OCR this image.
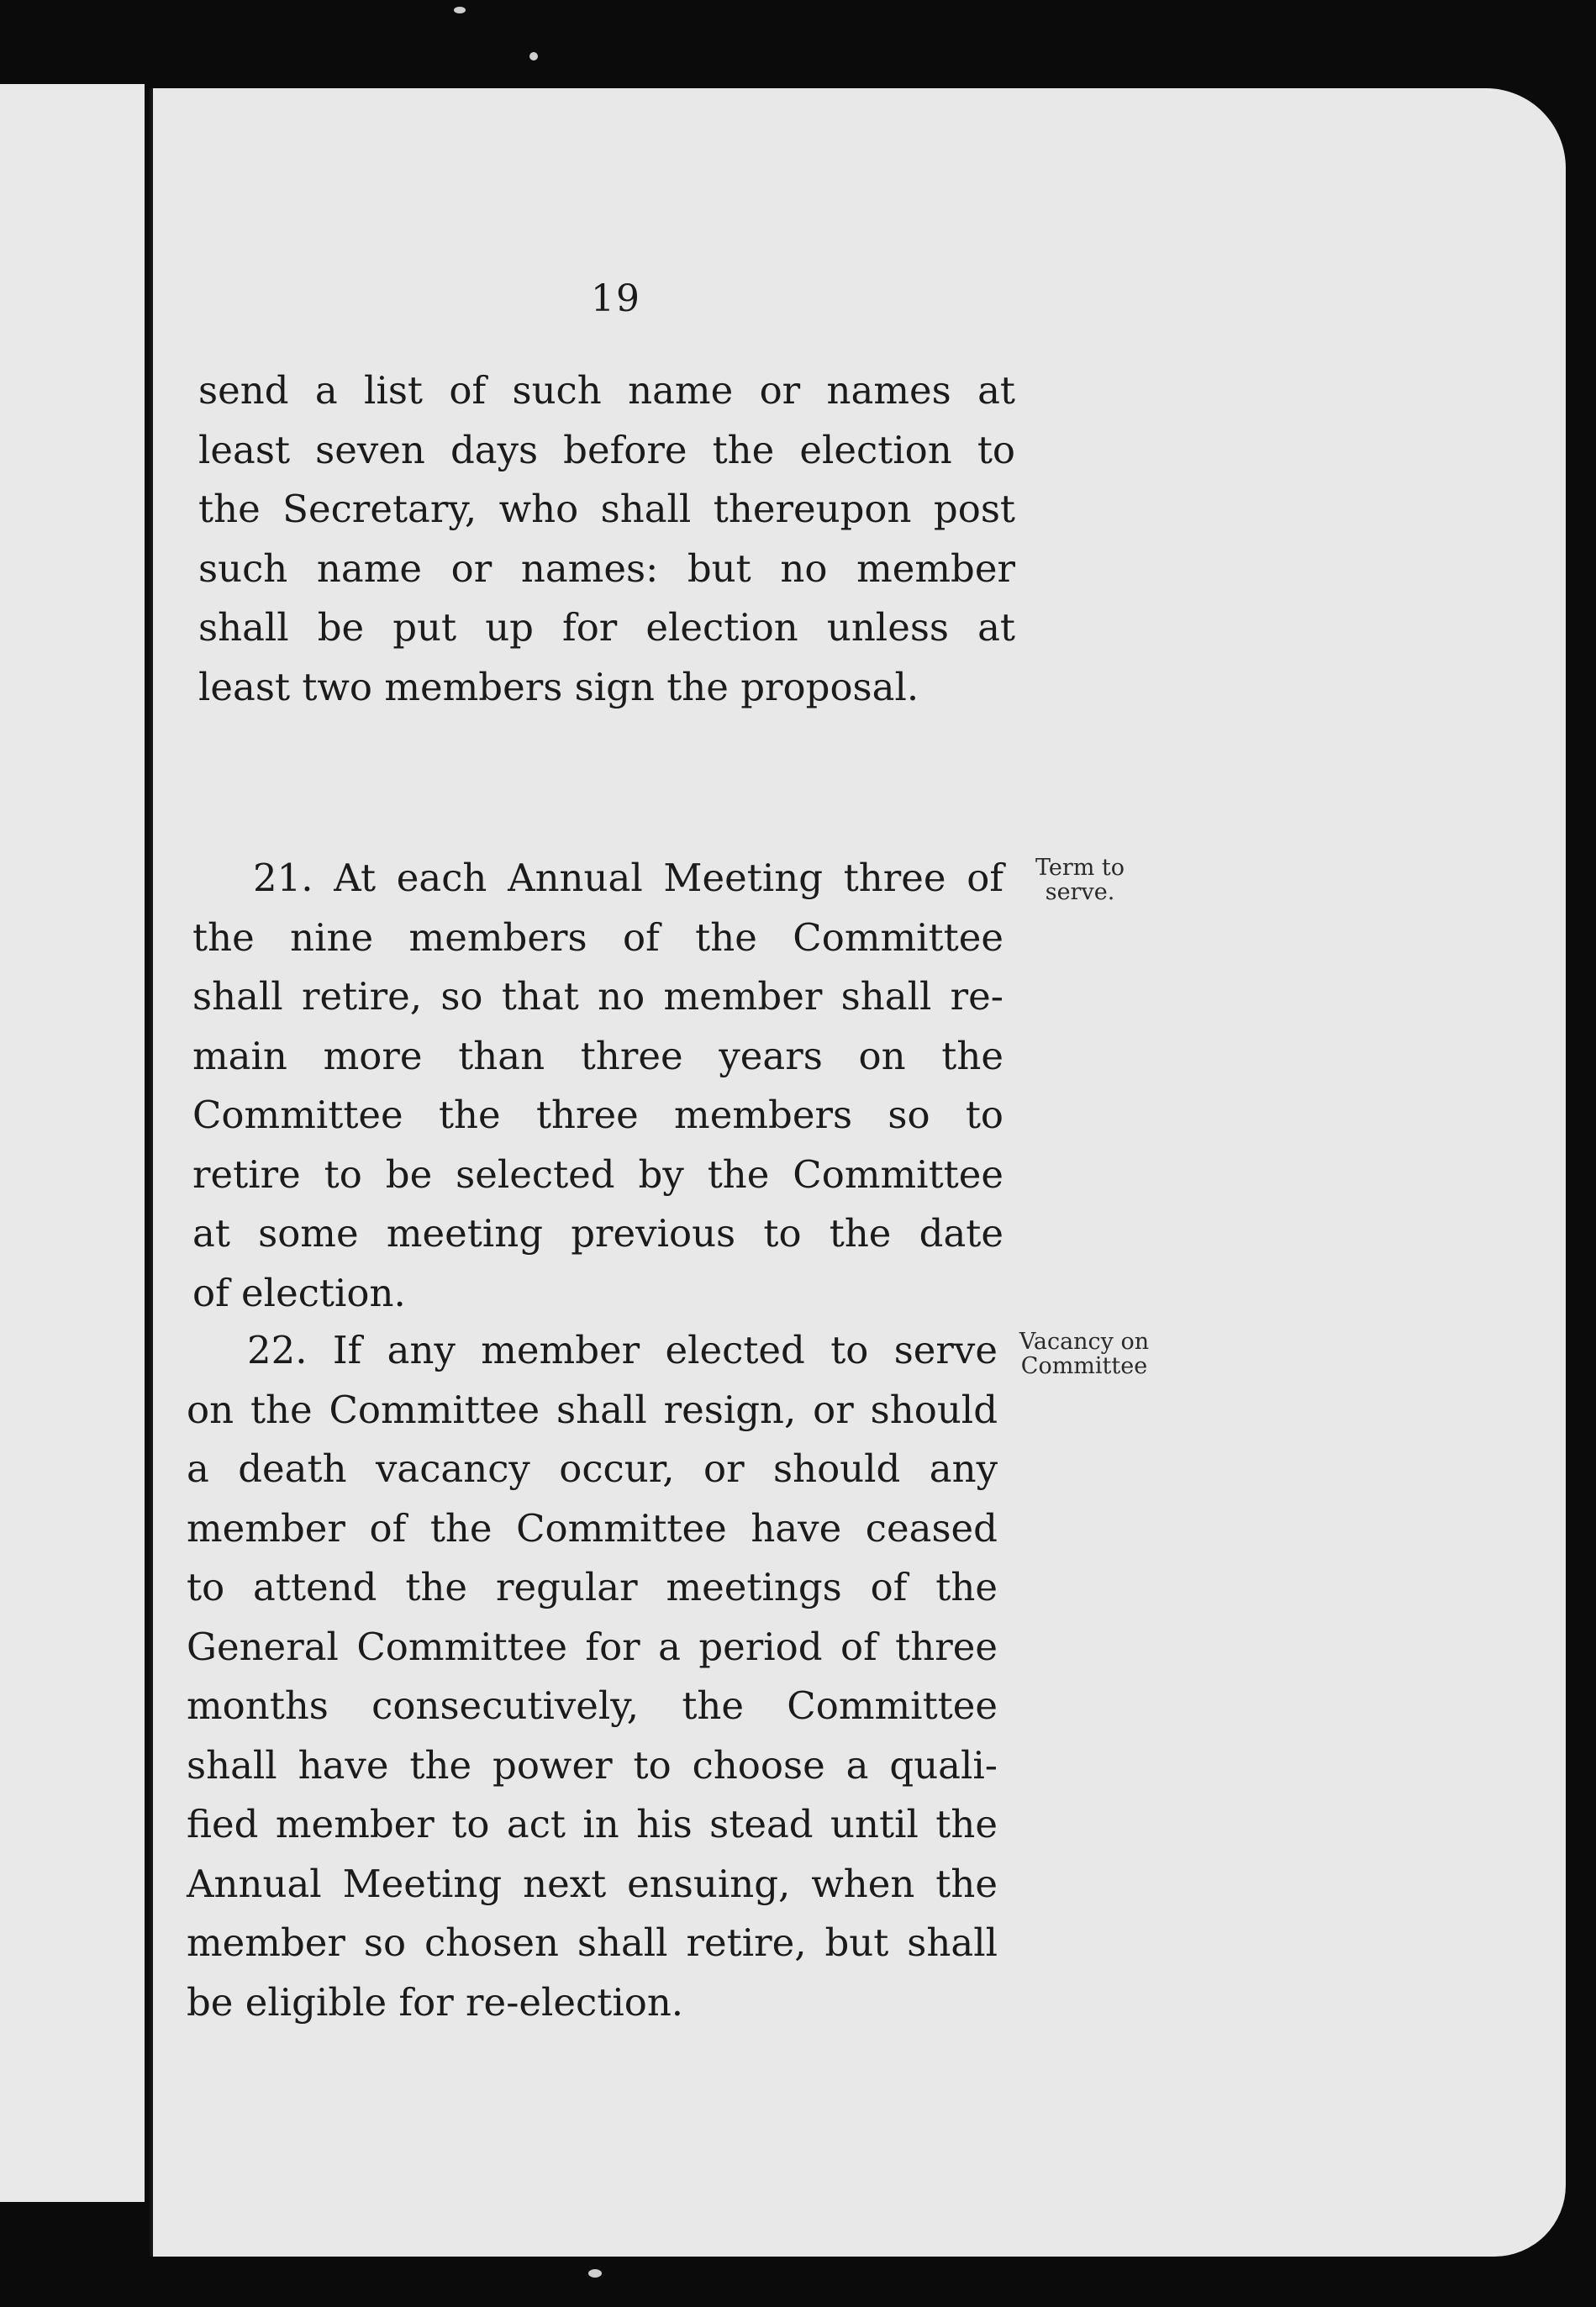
19
send a list of such name or names at
least seven days before the election to
the Secretary, who shall thereupon post
such name or names: but no member
shall be put up for election unless at
least two members sign the proposal.
21. At each Annual Meeting three of
the nine members of the Committee
shall retire, so that no member shall re-
main more than three years on the
Committee the three members so to
retire to be selected by the Committee
at some meeting previous to the date
of election.
Term to
serve.
22. If any member elected to serve
on the Committee shall resign, or should
a death vacancy occur, or should any
member of the Committee have ceased
to attend the regular meetings of the
General Committee for a period of three
months consecutively, the Committee
shall have the power to choose a quali-
fied member to act in his stead until the
Annual Meeting next ensuing, when the
member so chosen shall retire, but shall
be eligible for re-election.
Vacancy on
Committee
